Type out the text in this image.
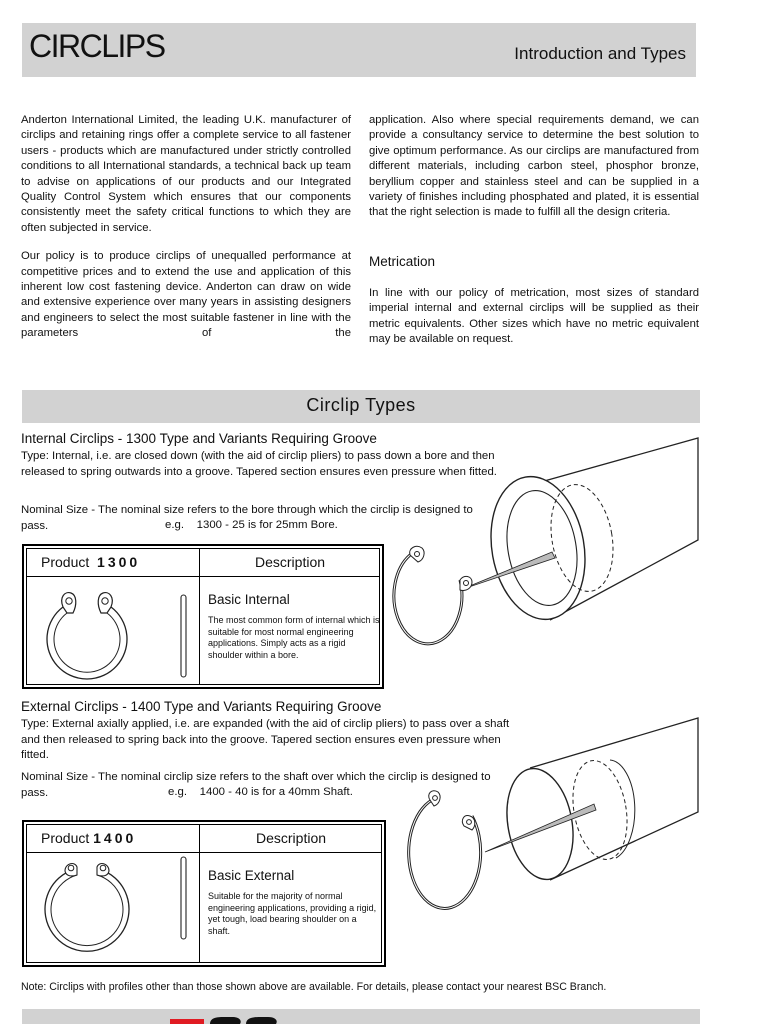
CIRCLIPS	Introduction and Types

Anderton International Limited, the leading U.K. manufacturer of circlips and retaining rings offer a complete service to all fastener users - products which are manufactured under strictly controlled conditions to all International standards, a technical back up team to advise on applications of our products and our Integrated Quality Control System which ensures that our components consistently meet the safety critical functions to which they are often subjected in service.

Our policy is to produce circlips of unequalled performance at competitive prices and to extend the use and application of this inherent low cost fastening device. Anderton can draw on wide and extensive experience over many years in assisting designers and engineers to select the most suitable fastener in line with the parameters of the

application. Also where special requirements demand, we can provide a consultancy service to determine the best solution to give optimum performance. As our circlips are manufactured from different materials, including carbon steel, phosphor bronze, beryllium copper and stainless steel and can be supplied in a variety of finishes including phosphated and plated, it is essential that the right selection is made to fulfill all the design criteria.

Metrication

In line with our policy of metrication, most sizes of standard imperial internal and external circlips will be supplied as their metric equivalents. Other sizes which have no metric equivalent may be available on request.

Circlip Types
Internal Circlips - 1300 Type and Variants Requiring Groove

Type: Internal, i.e. are closed down (with the aid of circlip pliers) to pass down a bore and then released to spring outwards into a groove. Tapered section ensures even pressure when fitted.

Nominal Size - The nominal size refers to the bore through which the circlip is designed to pass.	e.g.    1300 - 25 is for 25mm Bore.
Product 1300	Description
Basic Internal

The most common form of internal which is suitable for most normal engineering applications. Simply acts as a rigid shoulder within a bore.

External Circlips - 1400 Type and Variants Requiring Groove

Type: External axially applied, i.e. are expanded (with the aid of circlip pliers) to pass over a shaft and then released to spring back into the groove. Tapered section ensures even pressure when fitted.

Nominal Size - The nominal circlip size refers to the shaft over which the circlip is designed to pass.	e.g.    1400 - 40 is for a 40mm Shaft.
Product 1400	Description
Basic External

Suitable for the majority of normal engineering applications, providing a rigid, yet tough, load bearing shoulder on a shaft.

Note: Circlips with profiles other than those shown above are available. For details, please contact your nearest BSC Branch.
